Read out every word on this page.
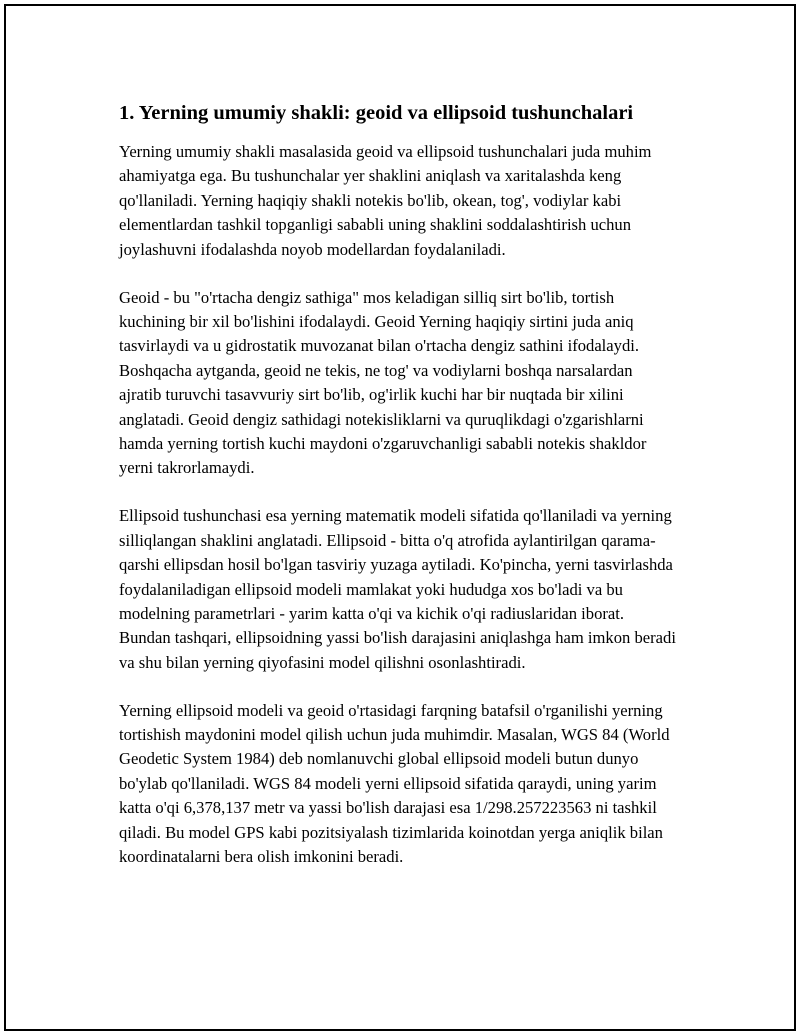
1. Yerning umumiy shakli: geoid va ellipsoid tushunchalari

Yerning umumiy shakli masalasida geoid va ellipsoid tushunchalari juda muhim ahamiyatga ega. Bu tushunchalar yer shaklini aniqlash va xaritalashda keng qo'llaniladi. Yerning haqiqiy shakli notekis bo'lib, okean, tog', vodiylar kabi elementlardan tashkil topganligi sababli uning shaklini soddalashtirish uchun joylashuvni ifodalashda noyob modellardan foydalaniladi.

Geoid - bu "o'rtacha dengiz sathiga" mos keladigan silliq sirt bo'lib, tortish kuchining bir xil bo'lishini ifodalaydi. Geoid Yerning haqiqiy sirtini juda aniq tasvirlaydi va u gidrostatik muvozanat bilan o'rtacha dengiz sathini ifodalaydi. Boshqacha aytganda, geoid ne tekis, ne tog' va vodiylarni boshqa narsalardan ajratib turuvchi tasavvuriy sirt bo'lib, og'irlik kuchi har bir nuqtada bir xilini anglatadi. Geoid dengiz sathidagi notekisliklarni va quruqlikdagi o'zgarishlarni hamda yerning tortish kuchi maydoni o'zgaruvchanligi sababli notekis shakldor yerni takrorlamaydi.

Ellipsoid tushunchasi esa yerning matematik modeli sifatida qo'llaniladi va yerning silliqlangan shaklini anglatadi. Ellipsoid - bitta o'q atrofida aylantirilgan qarama-qarshi ellipsdan hosil bo'lgan tasviriy yuzaga aytiladi. Ko'pincha, yerni tasvirlashda foydalaniladigan ellipsoid modeli mamlakat yoki hududga xos bo'ladi va bu modelning parametrlari - yarim katta o'qi va kichik o'qi radiuslaridan iborat. Bundan tashqari, ellipsoidning yassi bo'lish darajasini aniqlashga ham imkon beradi va shu bilan yerning qiyofasini model qilishni osonlashtiradi.

Yerning ellipsoid modeli va geoid o'rtasidagi farqning batafsil o'rganilishi yerning tortishish maydonini model qilish uchun juda muhimdir. Masalan, WGS 84 (World Geodetic System 1984) deb nomlanuvchi global ellipsoid modeli butun dunyo bo'ylab qo'llaniladi. WGS 84 modeli yerni ellipsoid sifatida qaraydi, uning yarim katta o'qi 6,378,137 metr va yassi bo'lish darajasi esa 1/298.257223563 ni tashkil qiladi. Bu model GPS kabi pozitsiyalash tizimlarida koinotdan yerga aniqlik bilan koordinatalarni bera olish imkonini beradi.
